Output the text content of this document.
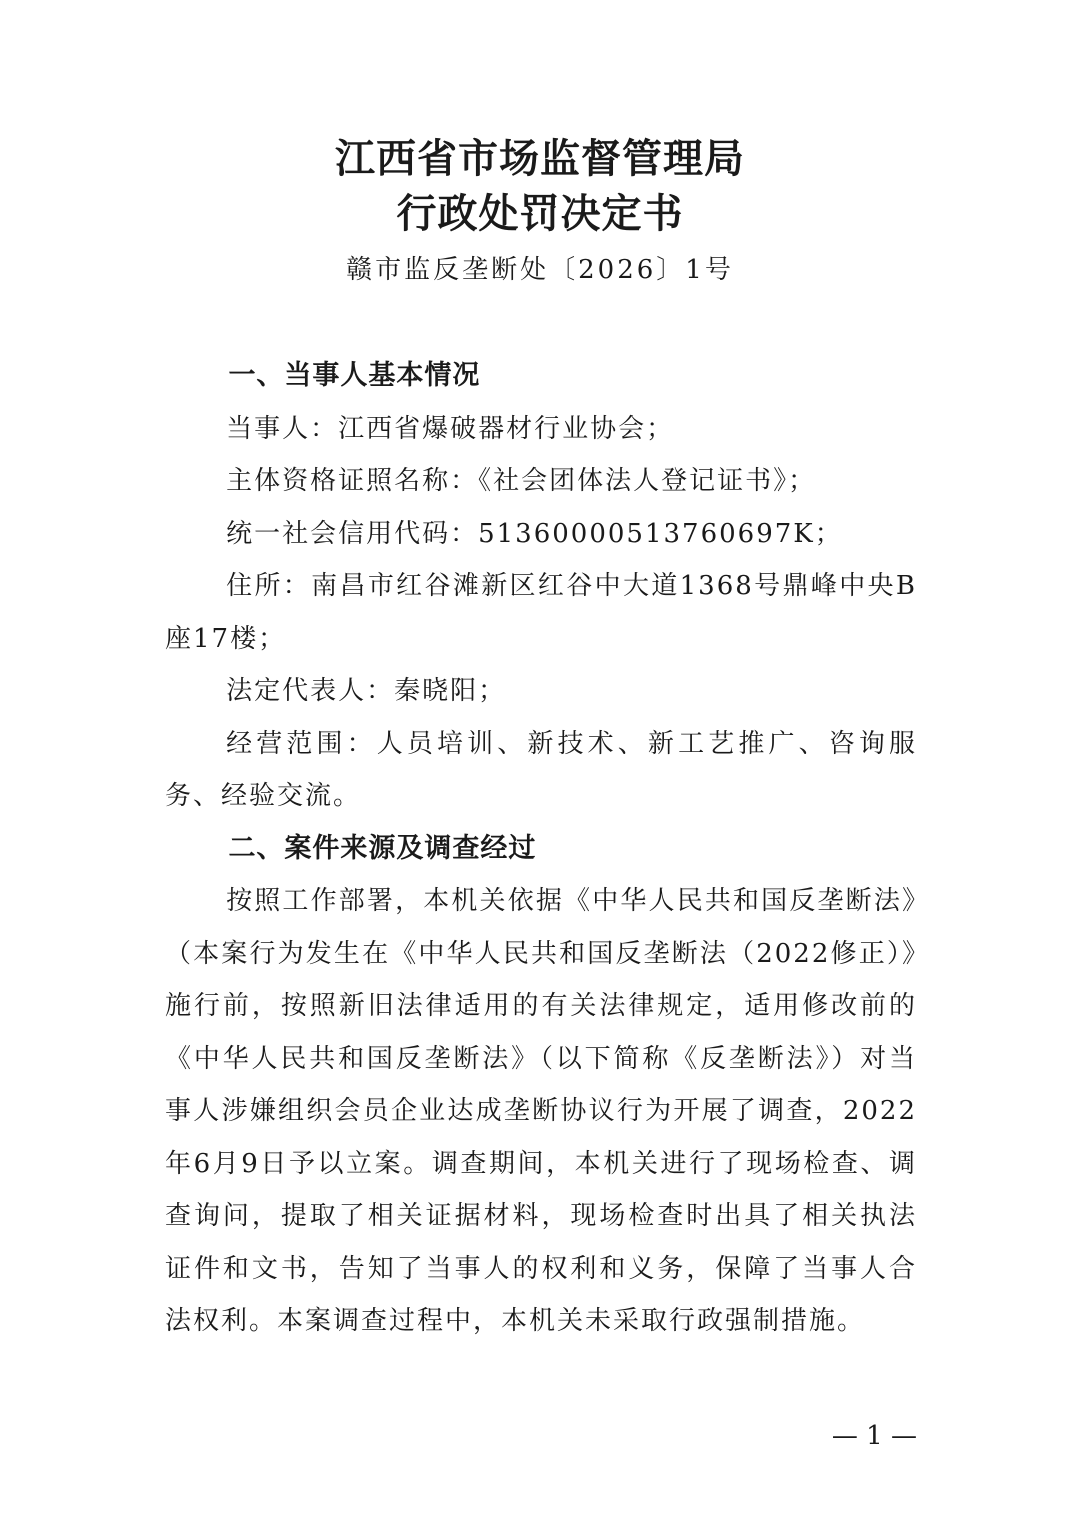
江西省市场监督管理局
行政处罚决定书
赣市监反垄断处〔2026〕1号

一、当事人基本情况

当事人：江西省爆破器材行业协会；

主体资格证照名称：《社会团体法人登记证书》；

统一社会信用代码：51360000513760697K；

住所：南昌市红谷滩新区红谷中大道1368号鼎峰中央B座17楼；

法定代表人：秦晓阳；

经营范围：人员培训、新技术、新工艺推广、咨询服务、经验交流。

二、案件来源及调查经过

按照工作部署，本机关依据《中华人民共和国反垄断法》（本案行为发生在《中华人民共和国反垄断法（2022修正）》施行前，按照新旧法律适用的有关法律规定，适用修改前的《中华人民共和国反垄断法》（以下简称《反垄断法》）对当事人涉嫌组织会员企业达成垄断协议行为开展了调查，2022年6月9日予以立案。调查期间，本机关进行了现场检查、调查询问，提取了相关证据材料，现场检查时出具了相关执法证件和文书，告知了当事人的权利和义务，保障了当事人合法权利。本案调查过程中，本机关未采取行政强制措施。

— 1 —
